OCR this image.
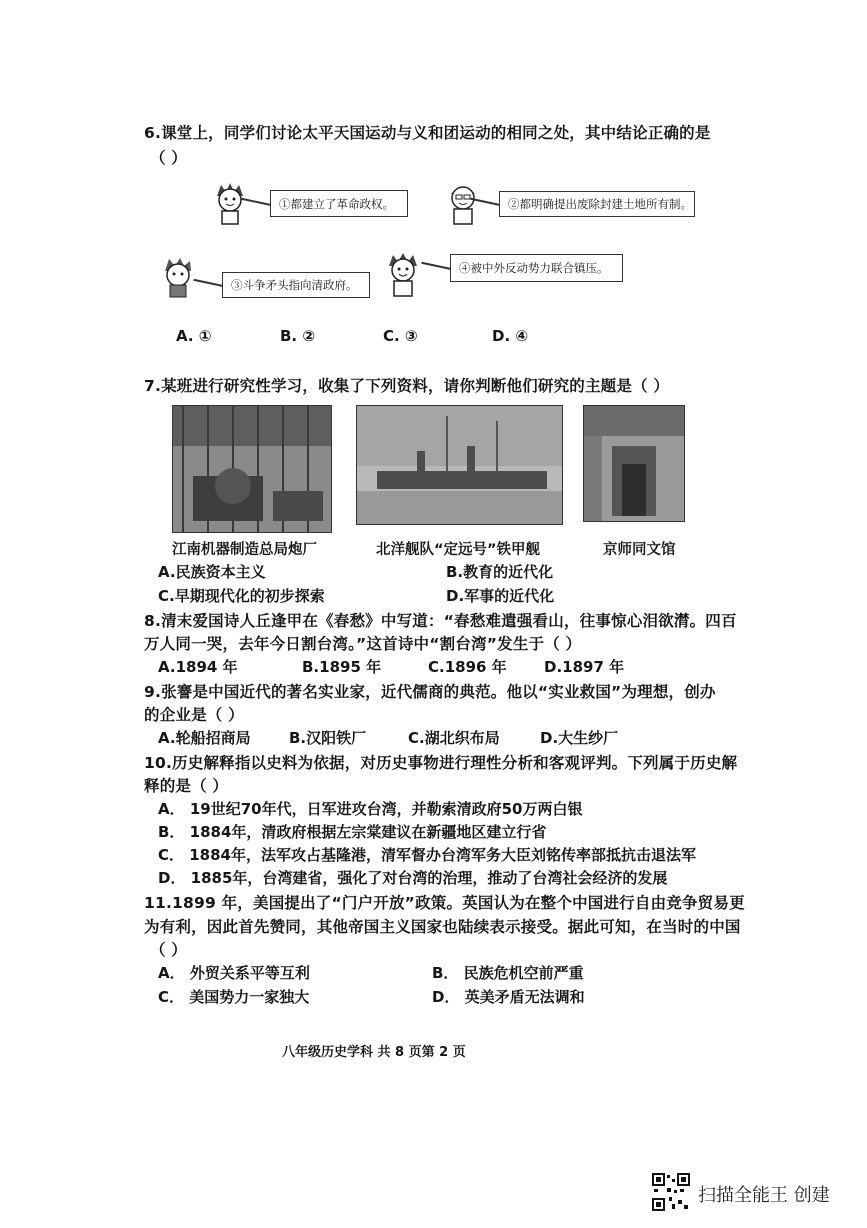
6.课堂上，同学们讨论太平天国运动与义和团运动的相同之处，其中结论正确的是
（ ）
①都建立了革命政权。	②都明确提出废除封建土地所有制。
③斗争矛头指向清政府。
④被中外反动势力联合镇压。
A. ①	B. ②	C. ③	D. ④
7.某班进行研究性学习，收集了下列资料，请你判断他们研究的主题是（ ）
江南机器制造总局炮厂	北洋舰队“定远号”铁甲舰	京师同文馆
A.民族资本主义	B.教育的近代化
C.早期现代化的初步探索	D.军事的近代化
8.清末爱国诗人丘逢甲在《春愁》中写道：“春愁难遣强看山，往事惊心泪欲潸。四百
万人同一哭，去年今日割台湾。”这首诗中“割台湾”发生于（ ）
A.1894 年	B.1895 年	C.1896 年 D.1897 年
9.张謇是中国近代的著名实业家，近代儒商的典范。他以“实业救国”为理想，创办
的企业是（ ）
A.轮船招商局	B.汉阳铁厂	C.湖北织布局	D.大生纱厂
10.历史解释指以史料为依据，对历史事物进行理性分析和客观评判。下列属于历史解
释的是（ ）
A． 19世纪70年代，日军进攻台湾，并勒索清政府50万两白银
B． 1884年，清政府根据左宗棠建议在新疆地区建立行省
C． 1884年，法军攻占基隆港，清军督办台湾军务大臣刘铭传率部抵抗击退法军
D． 1885年，台湾建省，强化了对台湾的治理，推动了台湾社会经济的发展
11.1899 年，美国提出了“门户开放”政策。英国认为在整个中国进行自由竞争贸易更
为有利，因此首先赞同，其他帝国主义国家也陆续表示接受。据此可知，在当时的中国
（ ）
A． 外贸关系平等互利	B． 民族危机空前严重
C． 美国势力一家独大	D． 英美矛盾无法调和
八年级历史学科 共 8 页第 2 页
扫描全能王 创建
